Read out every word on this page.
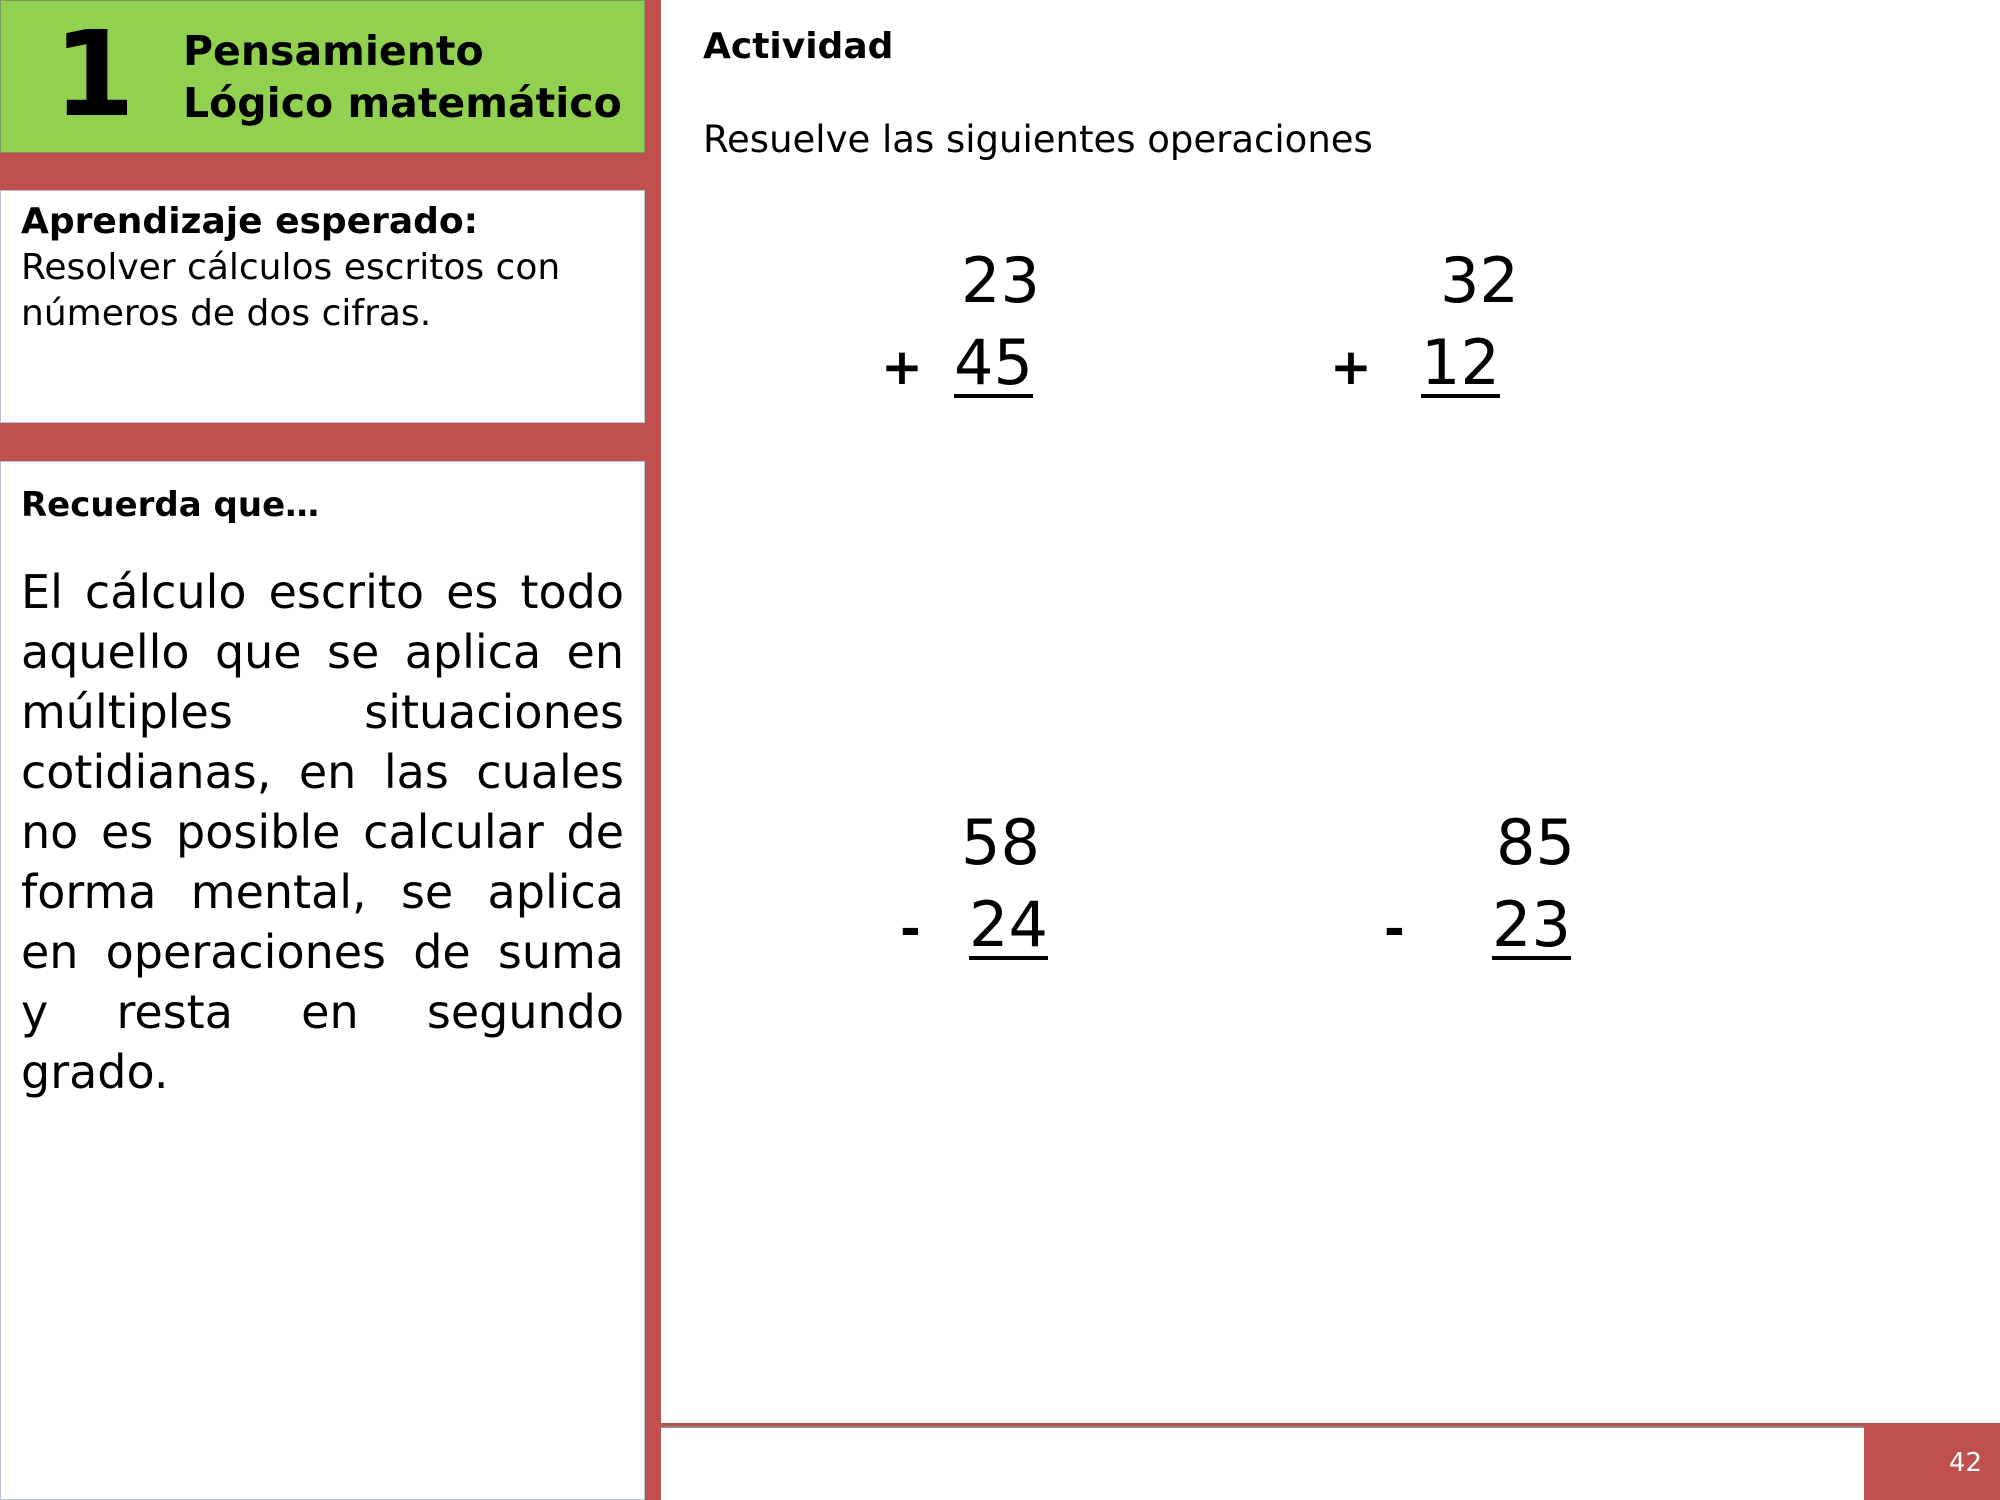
1 Pensamiento Lógico matemático
Aprendizaje esperado:
Resolver cálculos escritos con números de dos cifras.
Recuerda que…
El cálculo escrito es todo aquello que se aplica en múltiples situaciones cotidianas, en las cuales no es posible calcular de forma mental, se aplica en operaciones de suma y resta en segundo grado.
Actividad
Resuelve las siguientes operaciones
23
+ 45
32
+ 12
58
- 24
85
- 23
42
